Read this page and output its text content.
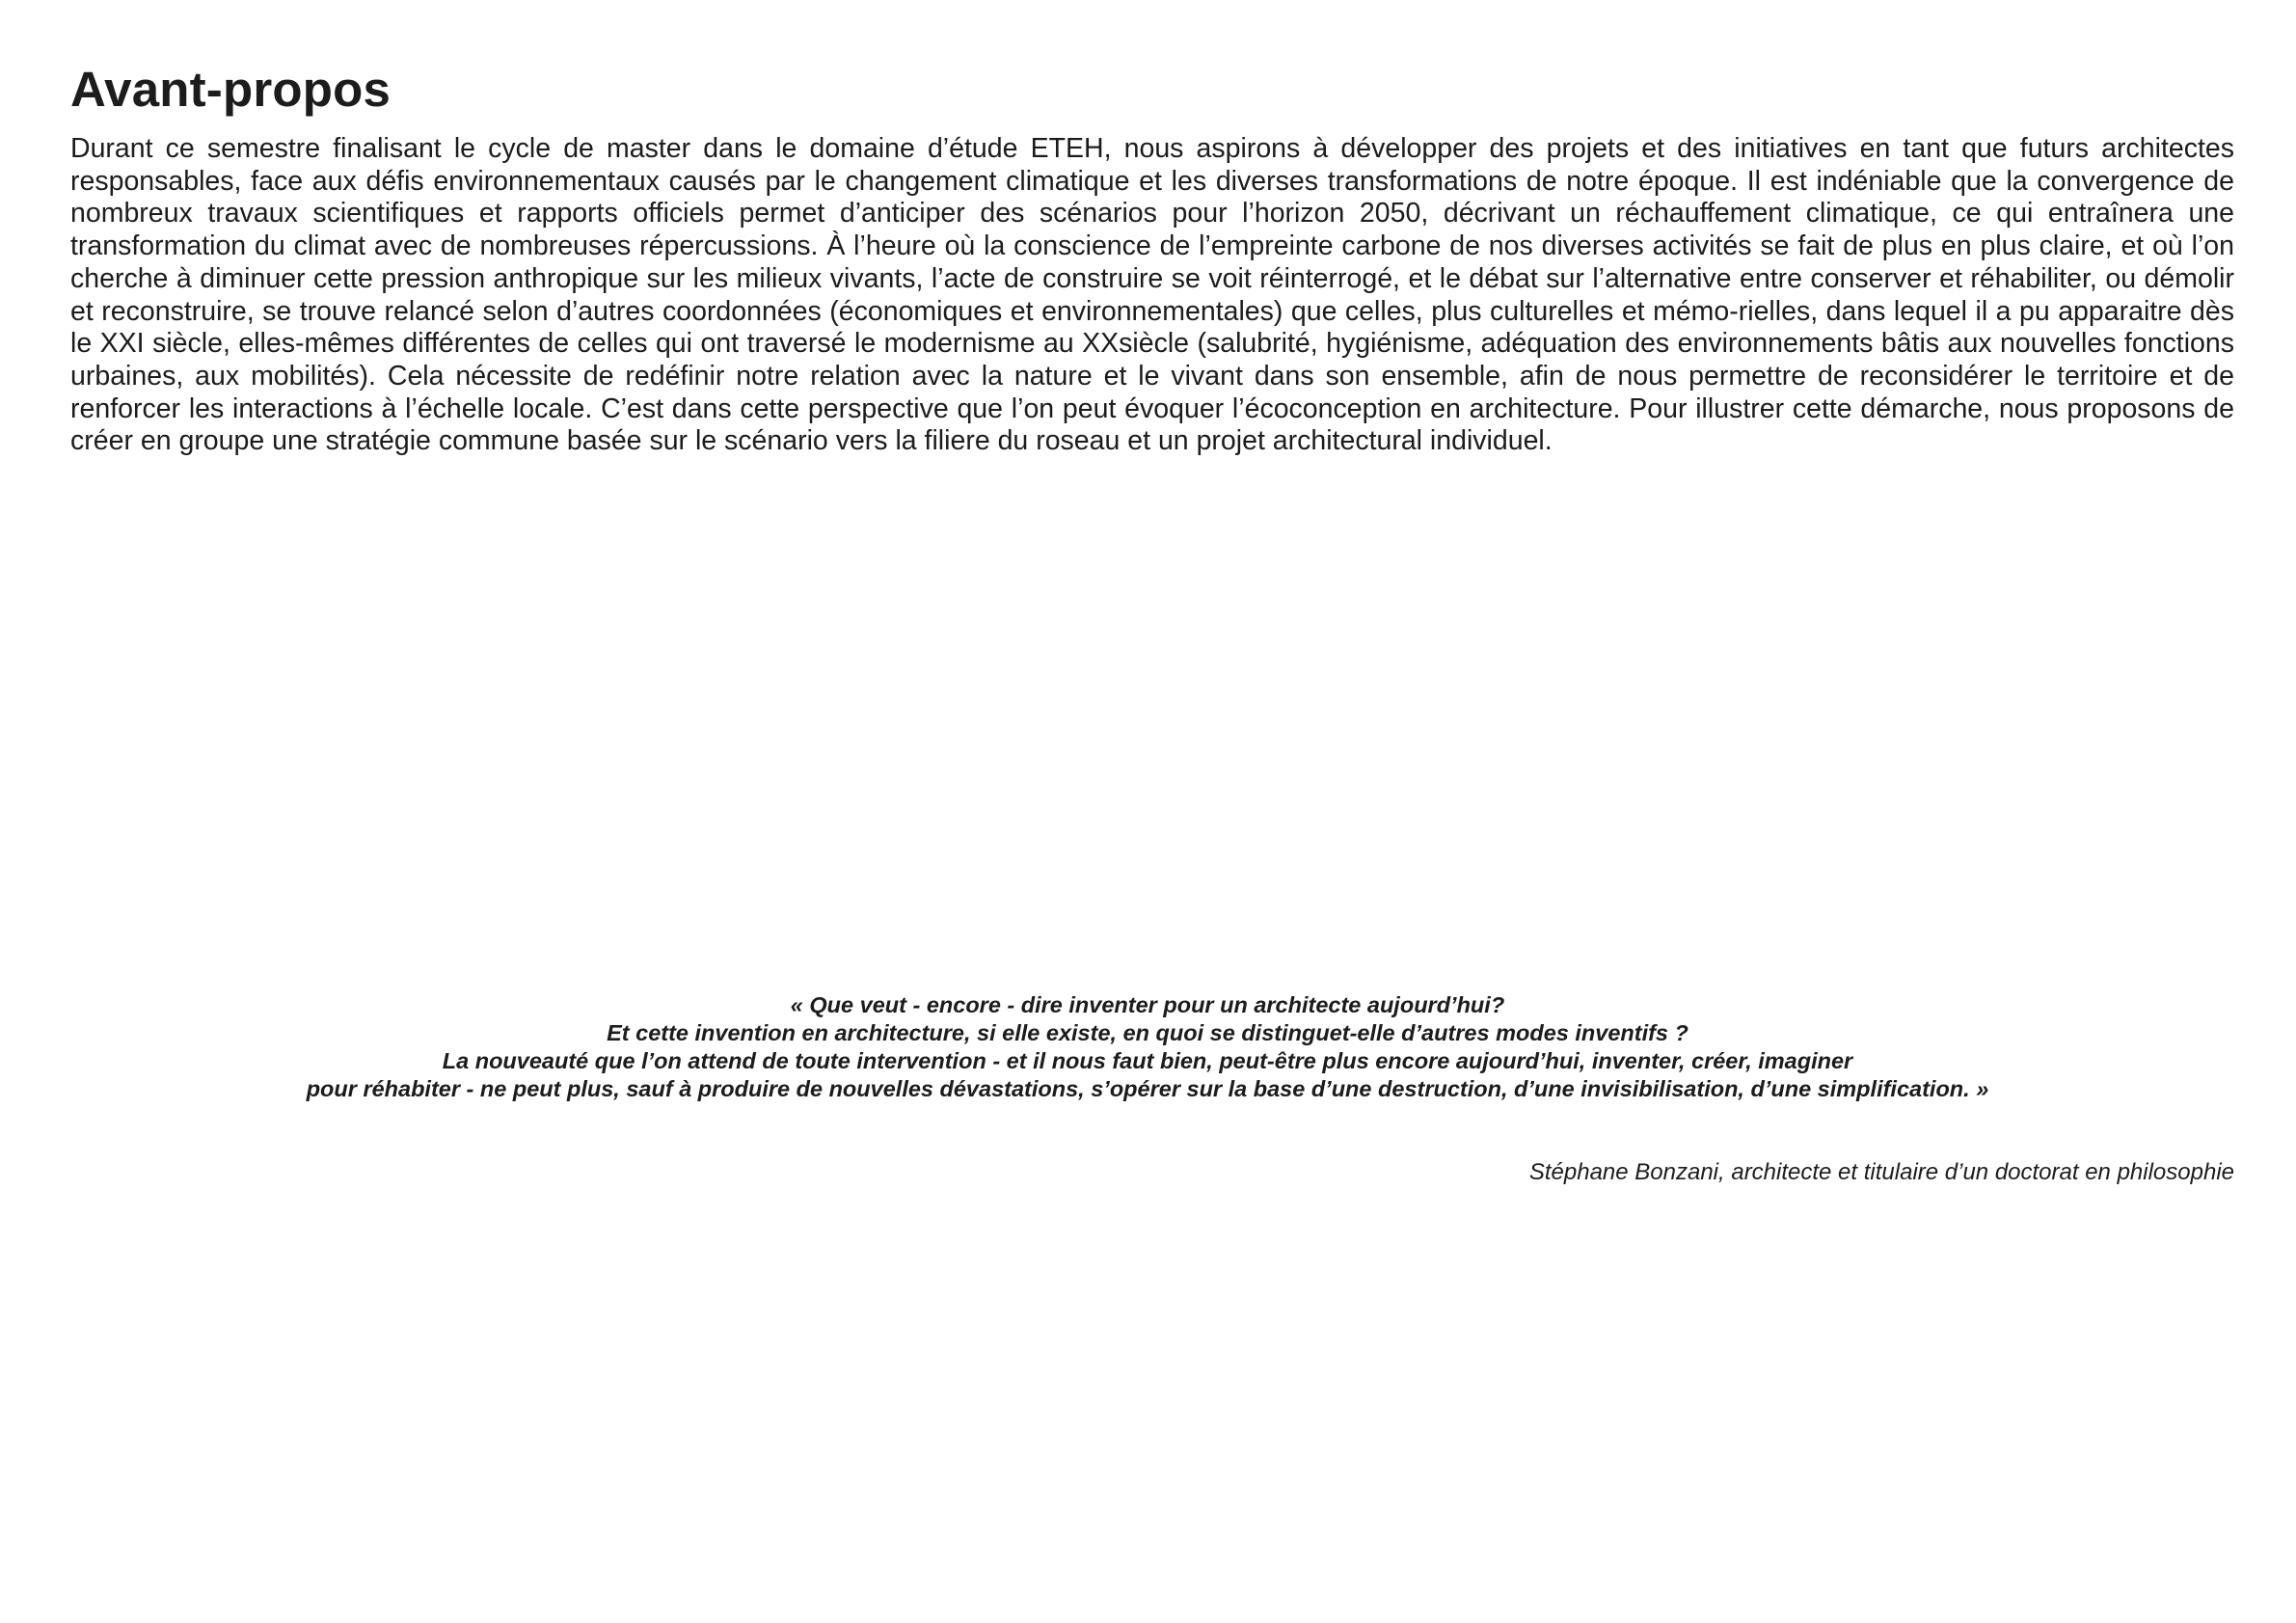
Avant-propos

Durant ce semestre finalisant le cycle de master dans le domaine d’étude ETEH, nous aspirons à développer des projets et des initiatives en tant que futurs architectes responsables, face aux défis environnementaux causés par le changement climatique et les diverses transformations de notre époque. Il est indéniable que la convergence de nombreux travaux scientifiques et rapports officiels permet d’anticiper des scénarios pour l’horizon 2050, décrivant un réchauffement climatique, ce qui entraînera une transformation du climat avec de nombreuses répercussions. À l’heure où la conscience de l’empreinte carbone de nos diverses activités se fait de plus en plus claire, et où l’on cherche à diminuer cette pression anthropique sur les milieux vivants, l’acte de construire se voit réinterrogé, et le débat sur l’alternative entre conserver et réhabiliter, ou démolir et reconstruire, se trouve relancé selon d’autres coordonnées (économiques et environnementales) que celles, plus culturelles et mémo-rielles, dans lequel il a pu apparaitre dès le XXI siècle, elles-mêmes différentes de celles qui ont traversé le modernisme au XXsiècle (salubrité, hygiénisme, adéquation des environnements bâtis aux nouvelles fonctions urbaines, aux mobilités). Cela nécessite de redéfinir notre relation avec la nature et le vivant dans son ensemble, afin de nous permettre de reconsidérer le territoire et de renforcer les interactions à l’échelle locale. C’est dans cette perspective que l’on peut évoquer l’écoconception en architecture. Pour illustrer cette démarche, nous proposons de créer en groupe une stratégie commune basée sur le scénario vers la filiere du roseau et un projet architectural individuel.

« Que veut - encore - dire inventer pour un architecte aujourd’hui?
Et cette invention en architecture, si elle existe, en quoi se distinguet-elle d’autres modes inventifs ?
La nouveauté que l’on attend de toute intervention - et il nous faut bien, peut-être plus encore aujourd’hui, inventer, créer, imaginer
pour réhabiter - ne peut plus, sauf à produire de nouvelles dévastations, s’opérer sur la base d’une destruction, d’une invisibilisation, d’une simplification. »

Stéphane Bonzani, architecte et titulaire d’un doctorat en philosophie
